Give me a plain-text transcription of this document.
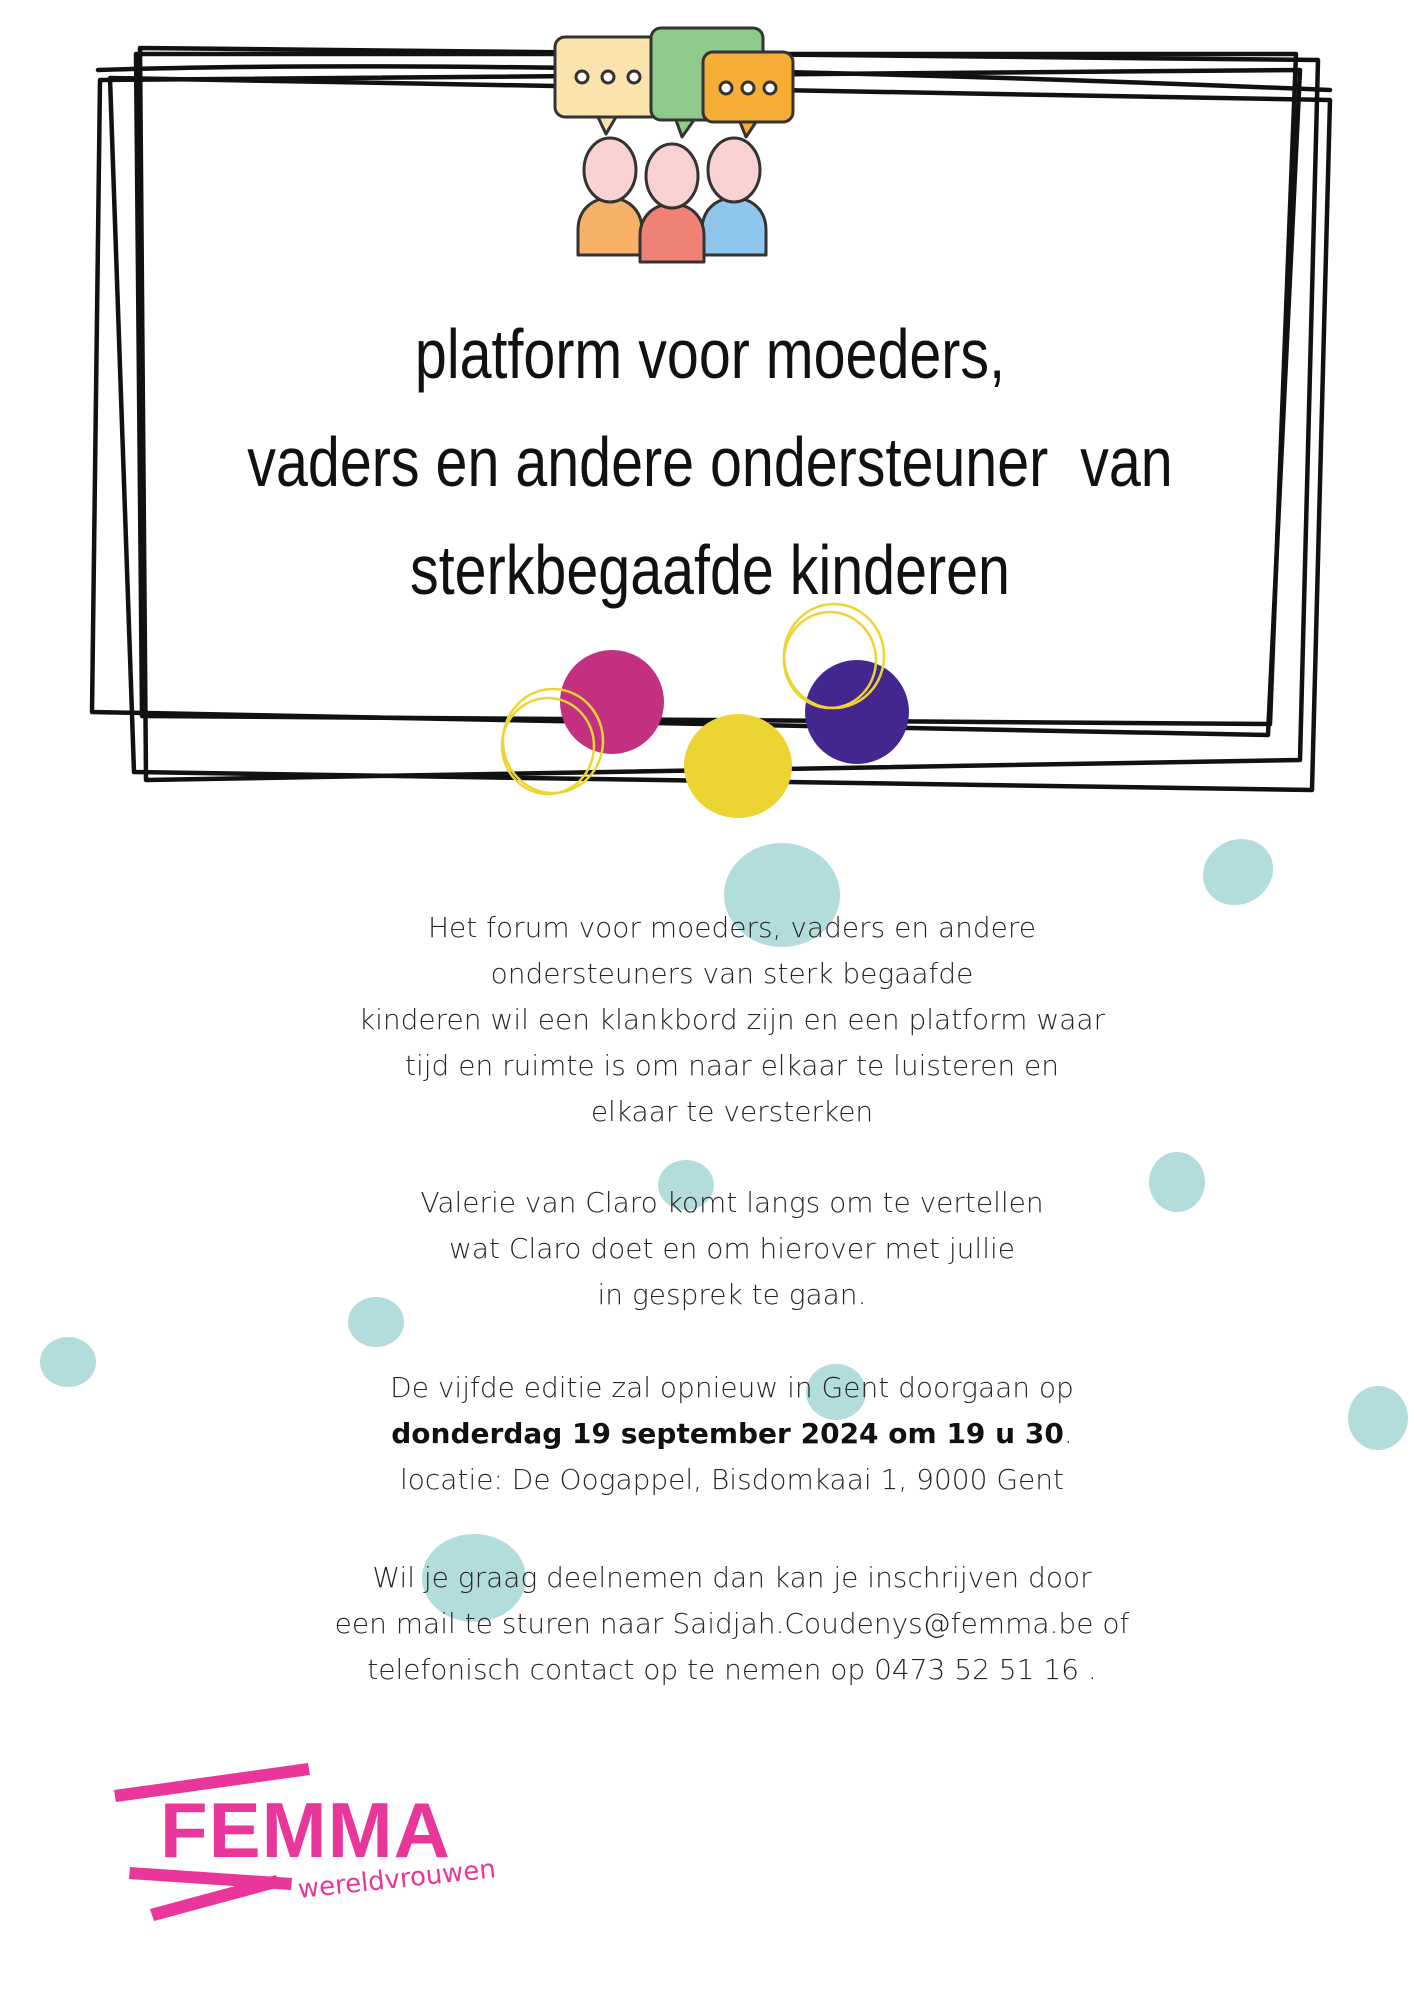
platform voor moeders,
vaders en andere ondersteuner  van
sterkbegaafde kinderen
Het forum voor moeders, vaders en andere
ondersteuners van sterk begaafde
kinderen wil een klankbord zijn en een platform waar
tijd en ruimte is om naar elkaar te luisteren en
elkaar te versterken
Valerie van Claro komt langs om te vertellen
wat Claro doet en om hierover met jullie
in gesprek te gaan.
De vijfde editie zal opnieuw in Gent doorgaan op
donderdag 19 september 2024 om 19 u 30.
locatie: De Oogappel, Bisdomkaai 1, 9000 Gent
Wil je graag deelnemen dan kan je inschrijven door
een mail te sturen naar Saidjah.Coudenys@femma.be of
telefonisch contact op te nemen op 0473 52 51 16 .
FEMMA
wereldvrouwen
